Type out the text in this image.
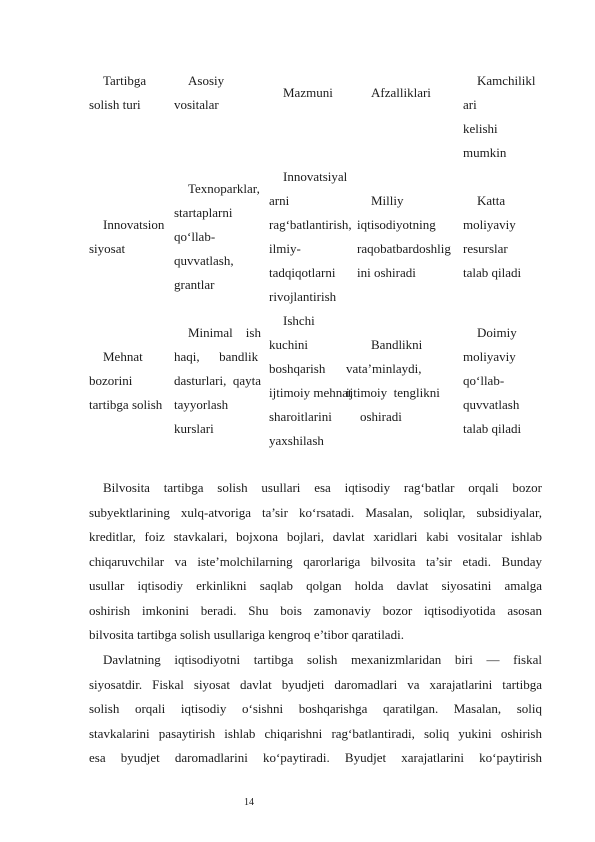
Tartibga
solish turi
Asosiy
vositalar
Mazmuni	Afzalliklari
Kamchilikl
ari
kelishi
mumkin
Innovatsion
siyosat
Texnoparklar,
startaplarni
qo‘llab-
quvvatlash,
grantlar
Innovatsiyal
arni
rag‘batlantirish,
ilmiy-
tadqiqotlarni
rivojlantirish
Milliy
iqtisodiyotning
raqobatbardoshlig
ini oshiradi
Katta
moliyaviy
resurslar
talab qiladi
Mehnat
bozorini
tartibga solish
Minimal    ish
haqi,      bandlik
dasturlari,  qayta
tayyorlash
kurslari
Ishchi
kuchini
boshqarish
ijtimoiy mehnat
sharoitlarini
yaxshilash
Bandlikni
vata’minlaydi,
ijtimoiy  tenglikni
oshiradi
Doimiy
moliyaviy
qo‘llab-
quvvatlash
talab qiladi
Bilvosita tartibga solish usullari esa iqtisodiy rag‘batlar orqali bozor
subyektlarining xulq-atvoriga ta’sir ko‘rsatadi. Masalan, soliqlar, subsidiyalar,
kreditlar, foiz stavkalari, bojxona bojlari, davlat xaridlari kabi vositalar ishlab
chiqaruvchilar va iste’molchilarning qarorlariga bilvosita ta’sir etadi. Bunday
usullar iqtisodiy erkinlikni saqlab qolgan holda davlat siyosatini amalga
oshirish imkonini beradi. Shu bois zamonaviy bozor iqtisodiyotida asosan
bilvosita tartibga solish usullariga kengroq e’tibor qaratiladi.
Davlatning iqtisodiyotni tartibga solish mexanizmlaridan biri — fiskal
siyosatdir. Fiskal siyosat davlat byudjeti daromadlari va xarajatlarini tartibga
solish orqali iqtisodiy o‘sishni boshqarishga qaratilgan. Masalan, soliq
stavkalarini pasaytirish ishlab chiqarishni rag‘batlantiradi, soliq yukini oshirish
esa byudjet daromadlarini ko‘paytiradi. Byudjet xarajatlarini ko‘paytirish
14
